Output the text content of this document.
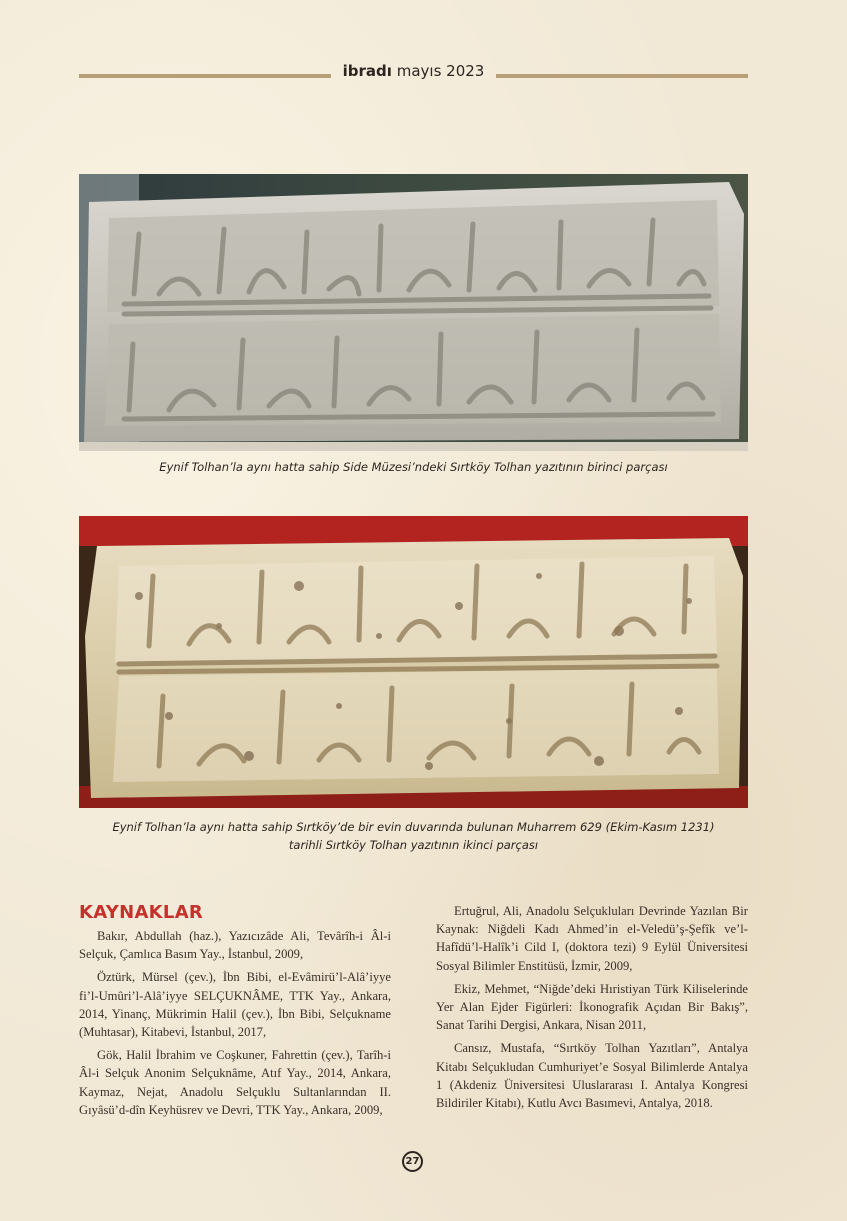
ibradı mayıs 2023
Eynif Tolhan’la aynı hatta sahip Side Müzesi’ndeki Sırtköy Tolhan yazıtının birinci parçası
Eynif Tolhan’la aynı hatta sahip Sırtköy’de bir evin duvarında bulunan Muharrem 629 (Ekim-Kasım 1231)
tarihli Sırtköy Tolhan yazıtının ikinci parçası
KAYNAKLAR

Bakır, Abdullah (haz.), Yazıcızâde Ali, Tevârîh-i Âl-i Selçuk, Çamlıca Basım Yay., İstanbul, 2009,

Öztürk, Mürsel (çev.), İbn Bibi, el-Evâmirü’l-Alâ’iyye fi’l-Umûri’l-Alâ’iyye SELÇUKNÂME, TTK Yay., Ankara, 2014, Yinanç, Mükrimin Halil (çev.), İbn Bibi, Selçukname (Muhtasar), Kitabevi, İstanbul, 2017,

Gök, Halil İbrahim ve Coşkuner, Fahrettin (çev.), Tarîh-i Âl-i Selçuk Anonim Selçuknâme, Atıf Yay., 2014, Ankara, Kaymaz, Nejat, Anadolu Selçuklu Sultanlarından II. Gıyâsü’d-dîn Keyhüsrev ve Devri, TTK Yay., Ankara, 2009,

Ertuğrul, Ali, Anadolu Selçukluları Devrinde Yazılan Bir Kaynak: Niğdeli Kadı Ahmed’in el-Veledü’ş-Şefîk ve’l-Hafîdü’l-Halîk’i Cild I, (doktora tezi) 9 Eylül Üniversitesi Sosyal Bilimler Enstitüsü, İzmir, 2009,

Ekiz, Mehmet, “Niğde’deki Hıristiyan Türk Kiliselerinde Yer Alan Ejder Figürleri: İkonografik Açıdan Bir Bakış”, Sanat Tarihi Dergisi, Ankara, Nisan 2011,

Cansız, Mustafa, “Sırtköy Tolhan Yazıtları”, Antalya Kitabı Selçukludan Cumhuriyet’e Sosyal Bilimlerde Antalya 1 (Akdeniz Üniversitesi Uluslararası I. Antalya Kongresi Bildiriler Kitabı), Kutlu Avcı Basımevi, Antalya, 2018.

27
